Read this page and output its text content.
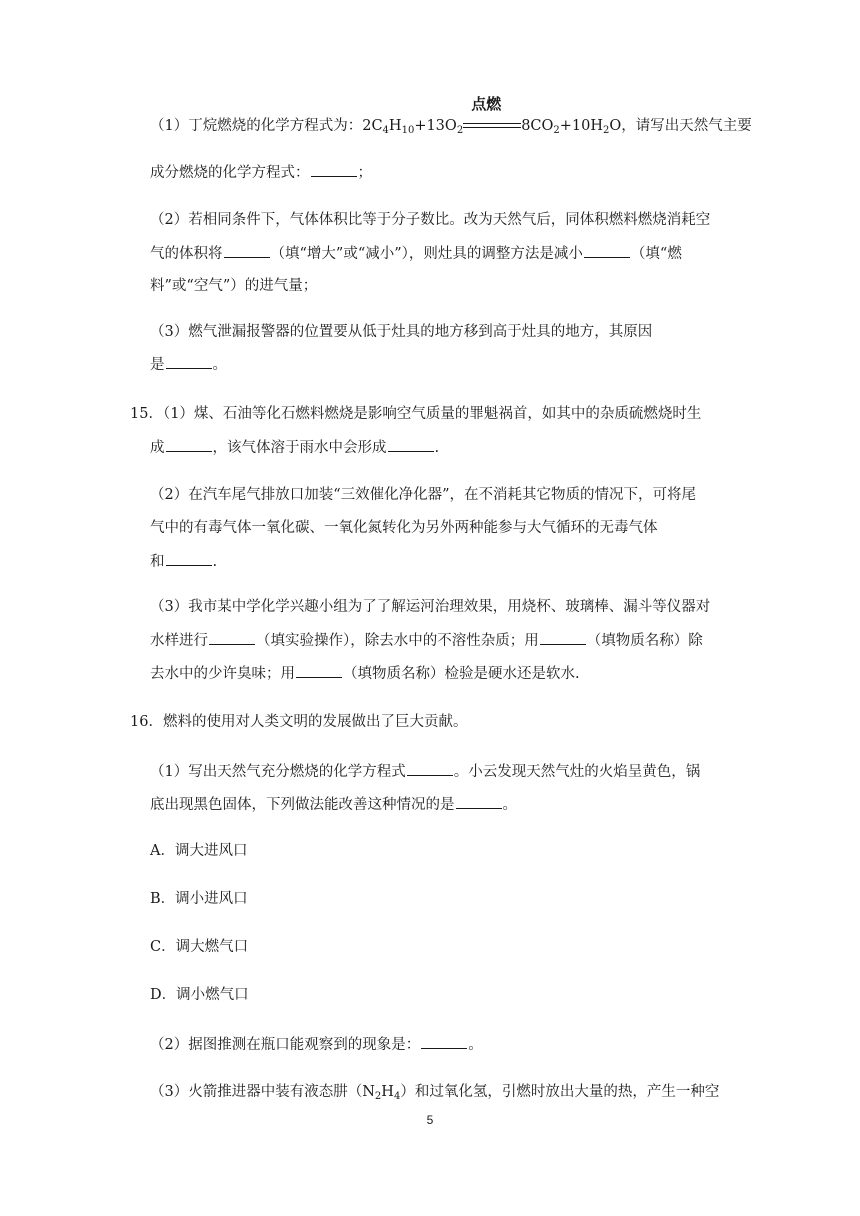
（1）丁烷燃烧的化学方程式为：$2C_4H_{10}+13O_2$
点燃
$8CO_2+10H_2O$，请写出天然气主要
成分燃烧的化学方程式：	；
（2）若相同条件下，气体体积比等于分子数比。改为天然气后，同体积燃料燃烧消耗空
气的体积将	（填“增大”或“减小”），则灶具的调整方法是减小	（填“燃
料”或“空气”）的进气量；
（3）燃气泄漏报警器的位置要从低于灶具的地方移到高于灶具的地方，其原因
是	。
15．（1）煤、石油等化石燃料燃烧是影响空气质量的罪魁祸首，如其中的杂质硫燃烧时生
成	，该气体溶于雨水中会形成	.
（2）在汽车尾气排放口加装“三效催化净化器”，在不消耗其它物质的情况下，可将尾
气中的有毒气体一氧化碳、一氧化氮转化为另外两种能参与大气循环的无毒气体
和	.
（3）我市某中学化学兴趣小组为了了解运河治理效果，用烧杯、玻璃棒、漏斗等仪器对
水样进行	（填实验操作），除去水中的不溶性杂质；用	（填物质名称）除
去水中的少许臭味；用	（填物质名称）检验是硬水还是软水.
16．燃料的使用对人类文明的发展做出了巨大贡献。
（1）写出天然气充分燃烧的化学方程式	。小云发现天然气灶的火焰呈黄色，锅
底出现黑色固体，下列做法能改善这种情况的是	。
A．调大进风口
B．调小进风口
C．调大燃气口
D．调小燃气口
（2）据图推测在瓶口能观察到的现象是：	。
（3）火箭推进器中装有液态肼$(N_2H_4)$和过氧化氢，引燃时放出大量的热，产生一种空
5
